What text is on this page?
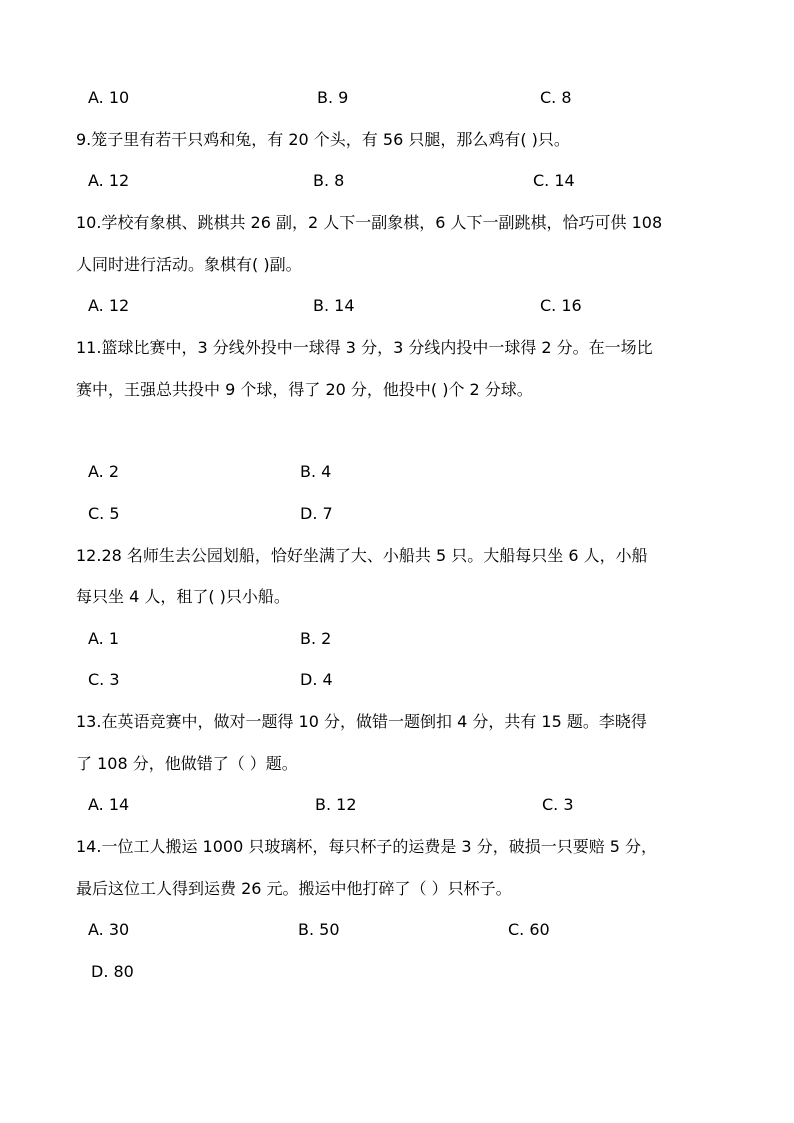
A. 10	B. 9	C. 8
9.笼子里有若干只鸡和兔，有 20 个头，有 56 只腿，那么鸡有( )只。
A. 12	B. 8	C. 14
10.学校有象棋、跳棋共 26 副，2 人下一副象棋，6 人下一副跳棋，恰巧可供 108
人同时进行活动。象棋有( )副。
A. 12	B. 14	C. 16
11.篮球比赛中，3 分线外投中一球得 3 分，3 分线内投中一球得 2 分。在一场比
赛中，王强总共投中 9 个球，得了 20 分，他投中( )个 2 分球。
A. 2	B. 4
C. 5	D. 7
12.28 名师生去公园划船，恰好坐满了大、小船共 5 只。大船每只坐 6 人，小船
每只坐 4 人，租了( )只小船。
A. 1	B. 2
C. 3	D. 4
13.在英语竞赛中，做对一题得 10 分，做错一题倒扣 4 分，共有 15 题。李晓得
了 108 分，他做错了（ ）题。
A. 14	B. 12	C. 3
14.一位工人搬运 1000 只玻璃杯，每只杯子的运费是 3 分，破损一只要赔 5 分，
最后这位工人得到运费 26 元。搬运中他打碎了（ ）只杯子。
A. 30	B. 50	C. 60
D. 80
